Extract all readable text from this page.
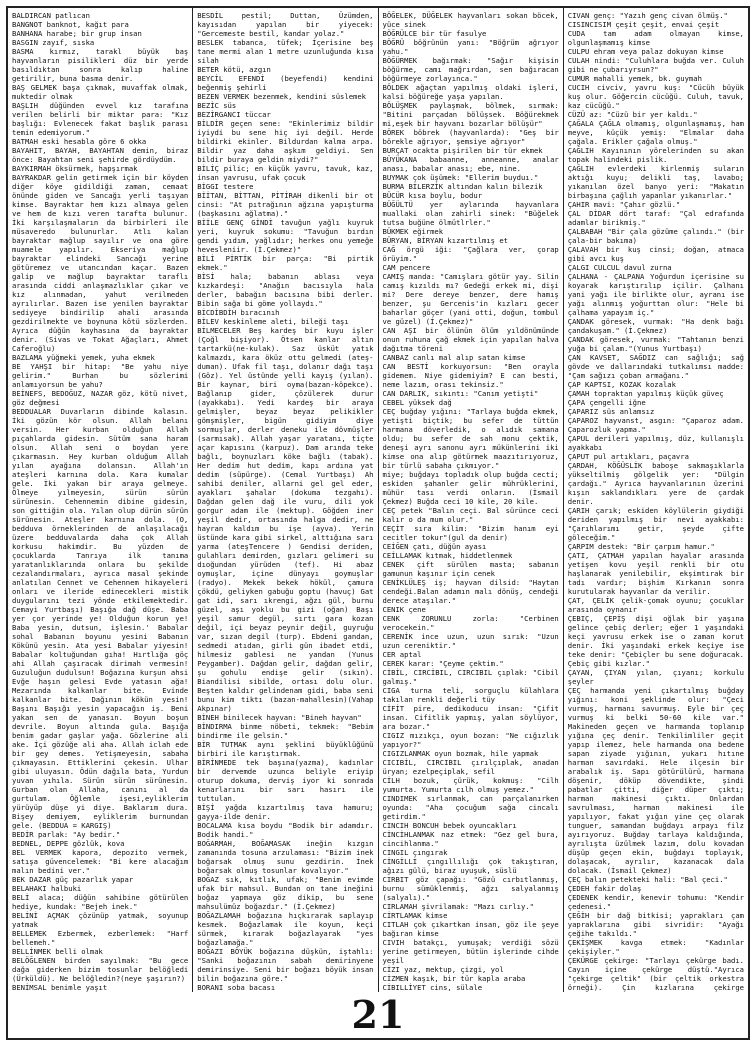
BALDIRCAN patlıcan

BANGNOT banknot, kağıt para

BANHANA harabe; bir grup insan

BASGIN zayıf, sıska

BASMA kırmız, tarakl büyük baş hayvanların pisilikleri düz bir yerde basıldıktan sonra kalıp haline getirilir, buna basma denir.

BAŞ GELMEK başa çıkmak, muvaffak olmak, muktedir olmak

BAŞLIH düğünden evvel kız tarafına verilen belirli bir miktar para: "Kız başlığı: Evlenecek fakat başlık parası temin edemiyorum."

BATMAH eski hesabla göre 6 okka

BAYAHIT, BAYAH, BAYAHTAN demin, biraz önce: Bayahtan seni şehirde gördüydüm.

BAYKIRMAH öksürmek, hapşırmak

BAYRAKDAR gelin getirmek için bir köyden diğer köye gidildiği zaman, cemaat önünde giden ve Sancağı yerli taşıyan kimse. Bayraktar hem kızı almaya gelen ve hem de kızı veren tarafta bulunur. İki karşılaşmaların da birbirleri ile müsaveredo bulunurlar. Atlı kalan bayraktar mağlup sayılır ve ona göre muamele yapılır. Ekseriya mağlup bayraktar elindeki Sancağı yerine götüremez ve utancından kaçar. Bazen galip ve mağlup bayraktar taraflı arasında ciddi anlaşmazlıklar çıkar ve kız alınmadan, yahut verilmeden ayrılırlar. Bazen ise yenilen bayraktar sediyeye bindirilip ahali arasında gezdirilmekte ve boynuna kötü sözlerden. Ayrıca düğün kayhasına da bayraktar denir. (Sivas ve Tokat Ağaçları, Ahmet Caferoğlu)

BAZLAMA yüğmeki yemek, yuha ekmek

BE YAHŞI bir hitap: "Be yahu niye gelirim." Burhan bu sözlerimi anlamıyorsun be yahu?

BEİNEFS, BEDOĞUZ, NAZAR göz, kötü nivet, göz değmesi

BEDDUALAR Duvarların dibinde kalasın. İki gözün kör olsun. Allah belanı versin. Her kurban olduğun Allah pıçahlarda gidesin. Sütüm sana haram olsun. Allah seni o boydan yere çıkarmasın. Hey kurban olduğum Allah yılan ayağına dolansın. Allah'ın ateşleri karnına dola. Kara kumalar gele. İki yakan bir araya gelmeye. Ölmeye yılmeyesin, sürün sürün sürünesin. Cehennemin dibine gidesin, son gittiğin ola. Yılan olup dürün sürün sürünesin. Ateşler karnına dola. (O, bedduva örneklerinden de anlaşılacağı üzere bedduvalarda daha çok Allah korkusu hakimdir. Bu yüzden de çocuklarda Tanrıya ilk tanıma yaratanlıklarında onlara bu şekilde cezalandırmaları, ayrıca masal şekinde anlatılan Cennet ve Cehennem hikayeleri onları ve ileride edinecekleri mistik duygularını tezi yönde etkilemektedir. Cemayi Yurtbaşı) Başığa dağ düşe. Baba yer çor yerinde ye! Olduğun korun ye! Baba yesin, dutsun, işlesin.' Babalar sohal Babanın boyunu yesini Babanın Kökünü yesin. Ata yesi Babalar yiyesin! Babalar koltuğundan gıha! Hırtlığa göç ahi Allah çaşıracak dirimah vermesin! Guzuluğun dudulsun! Boğazına kurşun ahsi Evğe haşın gelesi Evde yatasın ağa! Mezarında kalkanlar bite. Evinde kalkanlar bite. Dağının kökün yesin! Başını Başığı yesin yapacağın iş. Beni yakan sen de yanasın. Boyun boşun devrile. Boyun altında gula. Başığa benim gadar gaşlar yağa. Gözlerine ali ake. İçi gözüğe ali aha. Allah iclah ede bir gey demes. Yetişmeyesin, sabaha çıkmayasın. Ettiklerini çekesin. Ulhar gibi uluyasın. Ödün dağıla bata, Yurdun yuvan yıhıla. Sürün sürün sürünesin. Gurban olan Allaha, canını al da gurtulam. Öğlemle işesi,eyliklerim yürüyüp düşe yi diye. Baklarım dura. Bişey demiyem, eyliklerim burnundan gele. (BEDDUA = KARGIŞ)

BEDİR parlak: "Ay bedir."

BEDNEL, DEPPE gözlük, kova

BEL VERMEK kapora, depozito vermek, satışa güvencelemek: "Bi kere alacağım malın bedini ver."

BEK DAZAR güç pazarlık yapar

BELAHAKI halbuki

BELİ alaca; düğün sahibine götürülen hediye, kundak: "Bejeh inek."

BELİNİ AÇMAK çözünüp yatmak, soyunup yatmak

BELLEMEK Ezbermek, ezberlemek: "Harf bellemeh."

BELLİNMEK belli olmak

BELÖĞLENEN birden sayılmak: "Bu gece dağa giderken bizim tosunlar belöğledi (Ürküldü). Ne belöğledin?(neye şaşırın?)

BENİMSAL benimle yaşıt

BESDİL pestil; Duttan, Üzümden, kayısıdan yapılan bir yiyecek: "Gercemeste bestil, kandar yolaz."

BESLEK tabanca, tüfek; İçerisine beş tane mermi alan 1 metre uzunluğunda kısa silah

BETER kötü, azgın

BEYCİL EFENDİ (beyefendi) kendini beğenmiş şehirli

BEZEN VERMEK bezenmek, kendini süslemek

BEZİC süs

BEZİRGANCI tüccar

BİLDİR geçen sene: "Ekinlerimiz bildir iyiydi bu sene hiç iyi değil. Herde bildirki ekinler. Bildurdan kalma arpa. Bildir yaz daha aşkım geldiyi. Sen bildir buraya geldin miydi?"

BİLİÇ pilic; en küçük yavru, tavuk, kaz, insan yavrusu, ufak çocuk

BİGGI testere

BİİTAN, BİTTAN, PİTİRAH dikenli bir ot cinsi: "At pıtrağının ağzına yapışturma (başkasını ağlatma)."

BİİLE GENÇ GİNDİ tavuğun yağlı kuyruk yeri, kuyruk sokumu: "Tavuğun bırdın gendi yıdım, yağlıdır; herkes onu yemeğe hevesleniir. (İ.Çekmez)"

BİLİ PİRTİK bir parça: "Bi pirtik ekmek."

BİSİ hala; babanın ablası veya kızkardeşi: "Anağın bacısıyla hala derler, babağın bacısına bibi derler. Bibin sağa bi göme yollaydı."

BİCDİBDİH bıracınıh

BİLEV keskinleme aleti, bileği taşı

BİLMECELER Beş kardeş bir kuyu işler (Çoğl bişiyor). Ötsen kanlar altın tartarkü(ne-kulak). Saz üsküt yatık kalmazdı, kara öküz ottu gelmedi (ateş-duman). Ufak fil taşı, dolanır dağı taşı (Göz). Yel üstünde yelli kayış (yılan). Bir kaynar, biri oyma(bazan-köpekce). Bağlanıp gider, çözülerek durur (ayakkabı). Yedi kardeş bir araya gelmişler, beyaz beyaz pelikikler gömşmişler, bigün gidiyim diye sormuşlar, derler deneku ile dövmüşler (sarmısak). Allah yaşar yaratanı, tiçte açar kapısını (karpuz). Dam arında teke bağlı, boynuzları köke bağlı (tabak). Her dedim hut dedim, kapı ardına yat dedim (süpürge). (Cemal Yurtbaşı) Ah sahibi deniler, allarni gel gel eder, ayakları şahalar (dokuma tezgahı). Dağdan gelen dağ ile vuru, dili yok gorgur adam ile (mektup). Göğden iner yeşil dedir, ortasında halga dedir, ne hayran kaldım bu işe (ayva). Yerin üstünde kara gibi sirkel, alttığına sarı yarma (ateşTencere ) Gendisi deriden, gulahları demirden, gızları gelimeri su dıoğundan yürüden (tef). Hi abaz oymuşlar, içine dünyayı goymuşlar (radyo). Mekek bekek hökül, çamura çökdü, geliyken gabuğu goptu (havuç) Gat gat idi, sarı ıkrengi, ağzı gül, burnu güzel, aşı yoklu bu gizi (oğan) Başı yeşil samur degül, sırtı gara kozan değil, içi beyaz peynir değil, guyruğu var, sızan degil (turp). Ebdeni gandan, sedmedi atıdan, girli gün ibadet etdi, hilmesiz gablesi ne yandan (Yunus Peygamber). Dağdan gelir, dağdan gelir, şu gohulu endişe gelir (sıkın). Biandilisi sibilde, ortası dolu olur. Beşten kaldır gelindenam gidi, baba seni bunu kim tiktı (bazan-mahallesin)(Vahap Akpınar)

BİNEH binilecek hayvan: "Bineh hayvan"

BİNDIRMA binme nöbeti, tekmek: "Bebim bindirme ile gelsin."

BİR TUTMAK aynı şeklini büyüklüğünü birbiri ile karıştırmak.

BİRİNMEDE tek başına(yazma), kadınlar bir dervemde uzunca beliyle eriyip oturup dokuma, derviş iyor ki sonrada kenarlarını bir sarı hasırı ile tuttulan.

BİŞİ yağda kızartılmış tava hamuru; gayya-ilde denir.

BOCALAMA kısa boydu "Bodik bir adamdır. Bodik handi."

BOĞARMAH, BOĞAMASAK ineğin kızgın zamanında tosuna arzulaması: "Bizim inek boğarsak olmuş sunu gezdirin. İnek boğarsak olmuş tosunlar kovalıyor."

BOĞAZ sık, kıtlık, ufak; "Benim evimde ufak bir mahsul. Bundan on tane ineğini boğaz yapmaya göz dikip, bu sene mahsulümüz boğazdır." (İ.Çekmez)

BOĞAZLAMAH boğazına hıçkırarak saplayıp kesmek. Boğazlamak ile koyun, keçi sürmek, kırarak boğazlayarak "yes boğazlamağa."

BOĞAZI BÖYÜK boğazına düşkün, iştahlı: "Sanki boğazının sabah demirinyene demirinsiye. Seni bir boğazı böyük insan bilin boğazına göre."

BORANI soba bacası

BÖĞELEK, DÜĞELEK hayvanları sokan böcek, yüce sinek

BÖĞRÜLCE bir tür fasulye

BÖĞRÜ böğrünün yanı: "Böğrüm ağrıyor yahu."

BÖĞÜRMEK bağırmak: "Sağır kişisin böğürme, camı mağrırdan, sen bağıracan böğürmeye zorlayınca."

BÖLDEK ağaçtan yapılmış oldaki işleri, kalsi böğüreğe yaşa yapılan.

BÖLÜŞMEK paylaşmak, bölmek, sırmak: "Bitini parçadan bölüşsek. Böğürekmek mi,eşek bir hayvanı bozarlar bölüşür"

BÖREK böbrek (hayvanlarda): "Geş bir börekle ağrıyor, şemsiye ağrıyor"

BURÇAT ocakta pişirilen bir tür ekmek

BÜYÜKANA babaanne, anneanne, analar anası, babalar anası; ebe, nine.

BUYMAK çok üşümek: "Ellerim buyduı."

BURMA BİLERZİK altından kalın bilezik

BÜCÜR kısa boylu, bodur

BÜĞÜLTÜ yer aylarında hayvanlara muallaki olan zahirli sinek: "Büğelek tutsa buğüne ölmütlrler."

BÜKMEK eğirmek

BÜRYAN, BİRYAN kızartılmış et

CAĞ örgü iği: "Çağlara ver, çorap örüyim."

CAM pencere

CAMIŞ manda: "Camışları götür yay. Silin camış kızıldı mı? Gedeği erkek mi, dişi mi? Dere dereye benzer, dere hamış benzer, şu Gercenis'in kızları gecer baharlar göçer (yani otti, doğun, tombul ve güzel) (İ.Çekmez)"

CAN AŞI bir ölünün ölüm yıldönümünde onun ruhuna çağ ekmek için yapılan halva dağıtma töreni

CANBAZ canlı mal alıp satan kimse

CAN BESTİ korkuyorsun: "Ben orayla gidemem. Niye gidemiyim? E can besti, neme lazım, orası tekinsiz."

CAN DARLIK, sıkıntı: "Canım yetişti"

CEBEL yüksek dağ

CEÇ buğday yığını: "Tarlaya buğda ekmek, yetişti biçtik; bu sefer de tüttün harmana döverledik, o alıdık samana oldu; bu sefer de sah monu çektik, deneşi ayrı sanonu ayrı mükünlerini iki kimse ona alıp götürmek maazıtırıyoruz, bir türlü sabaha çıkmıyor."

miye; buğdayı topladık olup buğda cecti; eskiden şahanler gelir mührüklerini, mühür tası verdi onların. (İsmail Çekmez) Buğda ceci 10 kile, 20 kile.

CEÇ petek "Balın ceçi. Bal sürünce ceci kalır o da mum olur."

CEÇİT sıra kilim: "Bizim hanım eyi cecitler tokur"(gul da denir)

CEİĞEN çatı, düğün ayası

CEİLLAMAK kıtmak, hiddetlenmek

CENEK çift sürülen masta; sabanın gamunun kaşınır için cenek

CENİKLÜLEŞ iş; hayvan dilsid: "Haytan cendeği.Balan adamın malı dönüş, cendeği derece ataşılar."

CENIK çene

CENK ZORUNLU zorla: "Cerbinen verocekein."

CERENİK ince uzun, uzun sırık: "Uzun uzun cereniktir."

CER aptal

CEREK karar: "Çeyme çektim."

CİBİL, CIRCİBIL, CIRCIBIL çıplak: "Cibil galmış."

CIGA turna teli, sorguçlu külahlara takılan renkli değerli tüy

CİFİT pire, dedikoducu insan: "Çifit insan. Cifitlik yapmış, yalan söylüyor, ara bozar."

CIGIZ mızıkçı, oyun bozan: "Ne cığızlık yapıyor?"

CIGIZLANMAK oyun bozmak, hile yapmak

CICIBİL, CIRCIBIL çırılçıplak, anadan üryan; ezelpeçiplak, sefil

CİLH bozuk, çürük, kokmuş: "Cilh yumurta. Yumurta cılh olmuş yemez."

CINDIMEK sırlanmak, can parçalanırken oyunda: "Aha çocuğum sağa cincalı getirdim."

CINCIH BONCUH bebek oyuncakları

CİNCİHLANMAK naz etmek: "Gez gel bura, cincihlanma."

CINGIL çıngırak

CİNGİLLİ çıngıllılığı çok takıştıran, ağızı gülü, biraz uyuşuk, süslü

CIRBIT göz çapağı: "Gözü cırbıtlanmış, burnu sümüklenmiş, ağzı salyalanmış (salyalı)."

CIRLAMAH şivrilamak: "Mazı cırlıy."

CİRTLAMAK kimse

CITLAH çok çıkartkan insan, göz ile şeye bağıran kimse

CIVIH batakçı, yumuşak; verdiği sözü yerine getirmeyen, bütün işlerinde cihde yeşil

CİZI yaz, mektup, çizgi, yol

CİZMEN kaşık, bir tür kapla araba

CİBILLİYET cins, sülale

CIVAN genç: "Yazıh genç civan ölmüş."

CISINCISIM çeşit çeşit, envai çeşit

CUDA tam adam olmayan kimse, olgunlaşmamış kimse

CULPU ehram veya palaz dokuyan kimse

CULAH nindi: "Culuhlara buğda ver. Culuh gibi ne çubarıyrsun?"

CUMUR mahalli yemek, bk. guymah

CUCIH civciv, yavru kuş: "Cücüh büyük kuş olur. Göğercin cücüğü. Culuh, tavuk, kaz cücüğü."

CÜZÜ az: "Cüzü bir yer kaldı."

ÇAĞALA ÇAĞLA olmamış, olgunlaşmamış, ham meyve, küçük yemiş: "Elmalar daha çağala. Erikler çağala olmuş."

ÇAĞLIH Kayınının yörelerinden su akan topak halindeki pislik.

ÇAĞLIH evlerdeki kirlenmiş suların aktığı kuyu; delikli taş, lavabo; yıkanılan özel banyo yeri: "Makatın birbaşına çağlıh yapanlar yıkanırlar."

ÇAHIR mavi: "Çahır gözlü."

ÇAL DİDAR dört taraf: "Çal edrafında adamlar birikmiş."

ÇALBABAH "Bir çala gözüme çalındı." (bir çala-bir bakıma)

ÇALAVAH bir kuş cinsi; doğan, atmaca gibi avcı kuş

ÇALGI CULCUL davul zurna

ÇALHANA - ÇALPANA Yoğurdun içerisine su koyarak karıştırılıp içilir. Çalhanı yani yağı ile birlikte olur, ayranı ise yağı alınmış yoğurttan olur: "Hele bi çalhama yapayım iç."

ÇANDAK göresek, vurmak: "Ha denk bağı çandakuşam." (İ.Çekmez)

ÇANDAK göresek, vurmak: "Tahtanın benzi yuğa bi çalam."(Yunus Yurtbaşı)

ÇAN KAVSET, SAĞDIZ can sağlığı; sağ gövde ve dallarındaki tutkalımsı madde: "Çam sağızı çoban armağanı."

ÇAP KAPTSI, KOZAK kozalak

ÇAMAH topraktan yapılmış küçük güveç

ÇAPA çengelli iğne

ÇAPARIZ süs anlamsız

ÇAPAROZ hayvanst, asgın: "Çaparoz adam. Çaparozluk yapma."

ÇAPUL derileri yapılmış, düz, kullanışlı ayakkabı

ÇAPUT pul artıkları, paçavra

ÇARDAH, KÖĞÜSLİK baboşe sakmaşıklarla yükseltilmiş gölgelik yer: "Dülgin çardağı." Ayrıca hayvanlarının üzerini kışın saklandıkları yere de çardak denir.

ÇARIH çarık; eskiden köylülerin giydiği deriden yapılmış bir nevi ayakkabı: "Çarıhlarımı getir, şeyde çifte göleceğim."

ÇARPIM destek: "Bir çarpım hamur."

ÇATI, ÇATMAH yapılan hayalar arasında yetişen kovu yeşil renkli bir otu haşlanarak yenilebilir, ekşimtırak bir tadı vardır; bişhim Kırkanın sonra kurutularak hayvanlar da verilir.

ÇAT, ÇELİK çelik-çomak oyunu; çocuklar arasında oynanır

ÇEBIÇ, ÇEPİŞ dişi oğlak bir yaşına gelince çebiç derler; eğer 1 yaşındaki keçi yavrusu erkek ise o zaman korut denir. İki yaşındaki erkek keçiye ise teke denir: "Çebiçler bu sene doğuracak. Çebiç gibi kızlar."

ÇAYAN, ÇIYAN yılan, çıyanı; korkulu şeyler

ÇEÇ harmanda yeni çıkartılmış buğday yığını: koni şeklinde olur: "Çeci vurmuş, harmanı savurmuş. Eyle bir çeç vurmuş ki belki 50-60 kile var." Makineden geçen ve harmanda toplanıp yığına çeç denir. Tenkilimliler geçit yapıp ilemez, hele harmanda ona bedene sapan ziyade yığının, yukarı hıtıne harman savırdaki. Hele ilçesin bir arabalık iş. Sapı götürülürü, harmana döşenir, döküp dövendikte, şindi pabatlar çitti, diğer düper çıktı; harman makinesi çıktı. Onlardan savrulması, harman makinesi ile yapılıyor, fakat yığın yine çeç olarak tunguer, samandan buğdayı arpayı filz ayırıyoruz. Buğday tarlaya kaldığında, ayrılışta üzülmek lazım, dolu kovadan düşüp geçen ekin, buğdayı toplayık, dolaşacak, ayrılır, kazanacak dala dolacak. (İsmail Çekmez)

ÇEÇ balın petekteki hali: "Bal çeci."

ÇEDEH fakir dolaş

ÇEDENEK kendir, kenevir tohumu: "Kendir çedenesi."

ÇEĞİH bir dağ bitkisi; yaprakları çam yapraklarına gibi sivridir: "Ayağı çeğihe takıldı."

ÇEKİŞMEK kavga etmek: "Kadınlar çekişiyler."

ÇEKÜRGE çekirge: "Tarlayı çekürge badı. Cayın içine çekürge düştü."Ayrıca "çekirge çeltik" (bir çeltik orkestra örneği). Çin kızlarına çekirge

21
